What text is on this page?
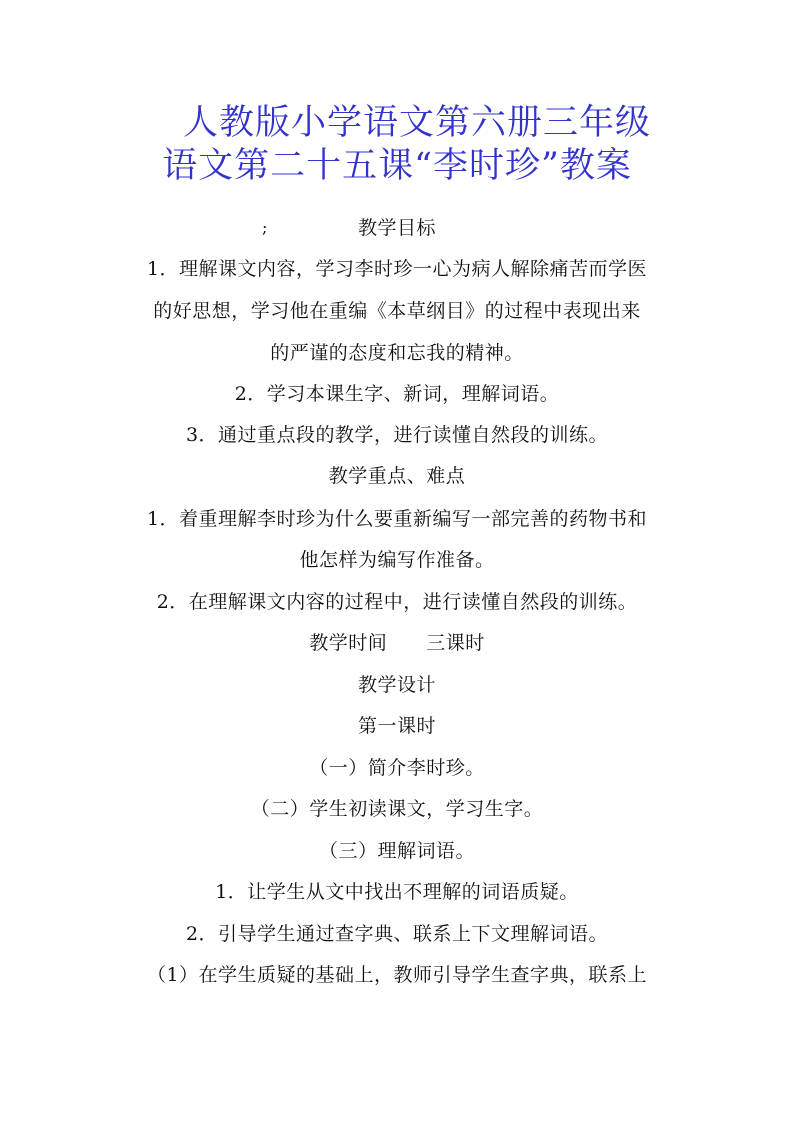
人教版小学语文第六册三年级
语文第二十五课“李时珍”教案
;	教学目标
1．理解课文内容，学习李时珍一心为病人解除痛苦而学医
的好思想，学习他在重编《本草纲目》的过程中表现出来
的严谨的态度和忘我的精神。
2．学习本课生字、新词，理解词语。
3．通过重点段的教学，进行读懂自然段的训练。
教学重点、难点
1．着重理解李时珍为什么要重新编写一部完善的药物书和
他怎样为编写作准备。
2．在理解课文内容的过程中，进行读懂自然段的训练。
教学时间　　三课时
教学设计
第一课时
（一）简介李时珍。
（二）学生初读课文，学习生字。
（三）理解词语。
1．让学生从文中找出不理解的词语质疑。
2．引导学生通过查字典、联系上下文理解词语。
（1）在学生质疑的基础上，教师引导学生查字典，联系上
